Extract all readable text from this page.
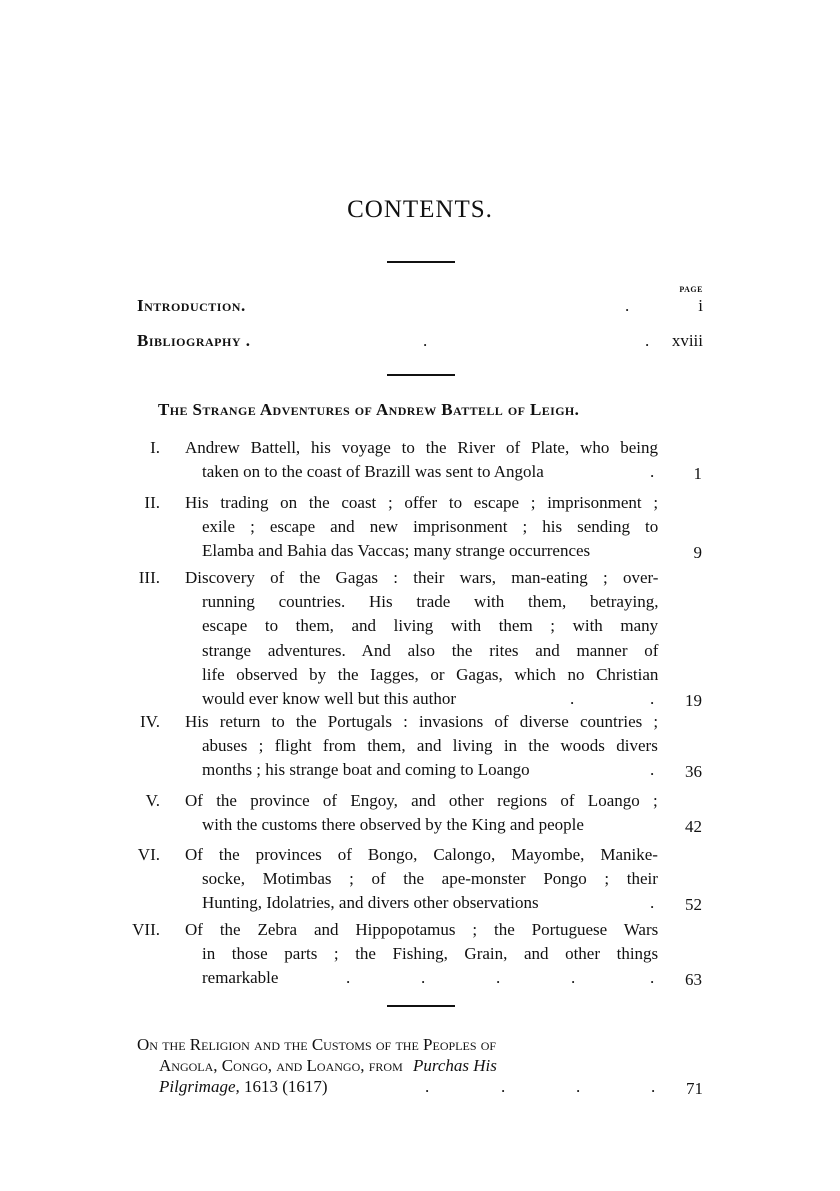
CONTENTS.
PAGE
Introduction.	.	i
Bibliography .	.	. xviii
The Strange Adventures of Andrew Battell of Leigh.
I. Andrew Battell, his voyage to the River of Plate, who being
taken on to the coast of Brazill was sent to Angola	. 1
II. His trading on the coast ; offer to escape ; imprisonment ;
exile ; escape and new imprisonment ; his sending to
Elamba and Bahia das Vaccas; many strange occurrences	9
III. Discovery of the Gagas : their wars, man-eating ; over-
running countries. His trade with them, betraying,
escape to them, and living with them ; with many
strange adventures. And also the rites and manner of
life observed by the Iagges, or Gagas, which no Christian
would ever know well but this author	.	. 19
IV. His return to the Portugals : invasions of diverse countries ;
abuses ; flight from them, and living in the woods divers
months ; his strange boat and coming to Loango	. 36
V. Of the province of Engoy, and other regions of Loango ;
with the customs there observed by the King and people	42
VI. Of the provinces of Bongo, Calongo, Mayombe, Manike-
socke, Motimbas ; of the ape-monster Pongo ; their
Hunting, Idolatries, and divers other observations	. 52
VII. Of the Zebra and Hippopotamus ; the Portuguese Wars
in those parts ; the Fishing, Grain, and other things
remarkable	.	.	.	.	. 63
On the Religion and the Customs of the Peoples of
Angola, Congo, and Loango, from Purchas His
Pilgrimage, 1613 (1617)	.	.	.	. 71
